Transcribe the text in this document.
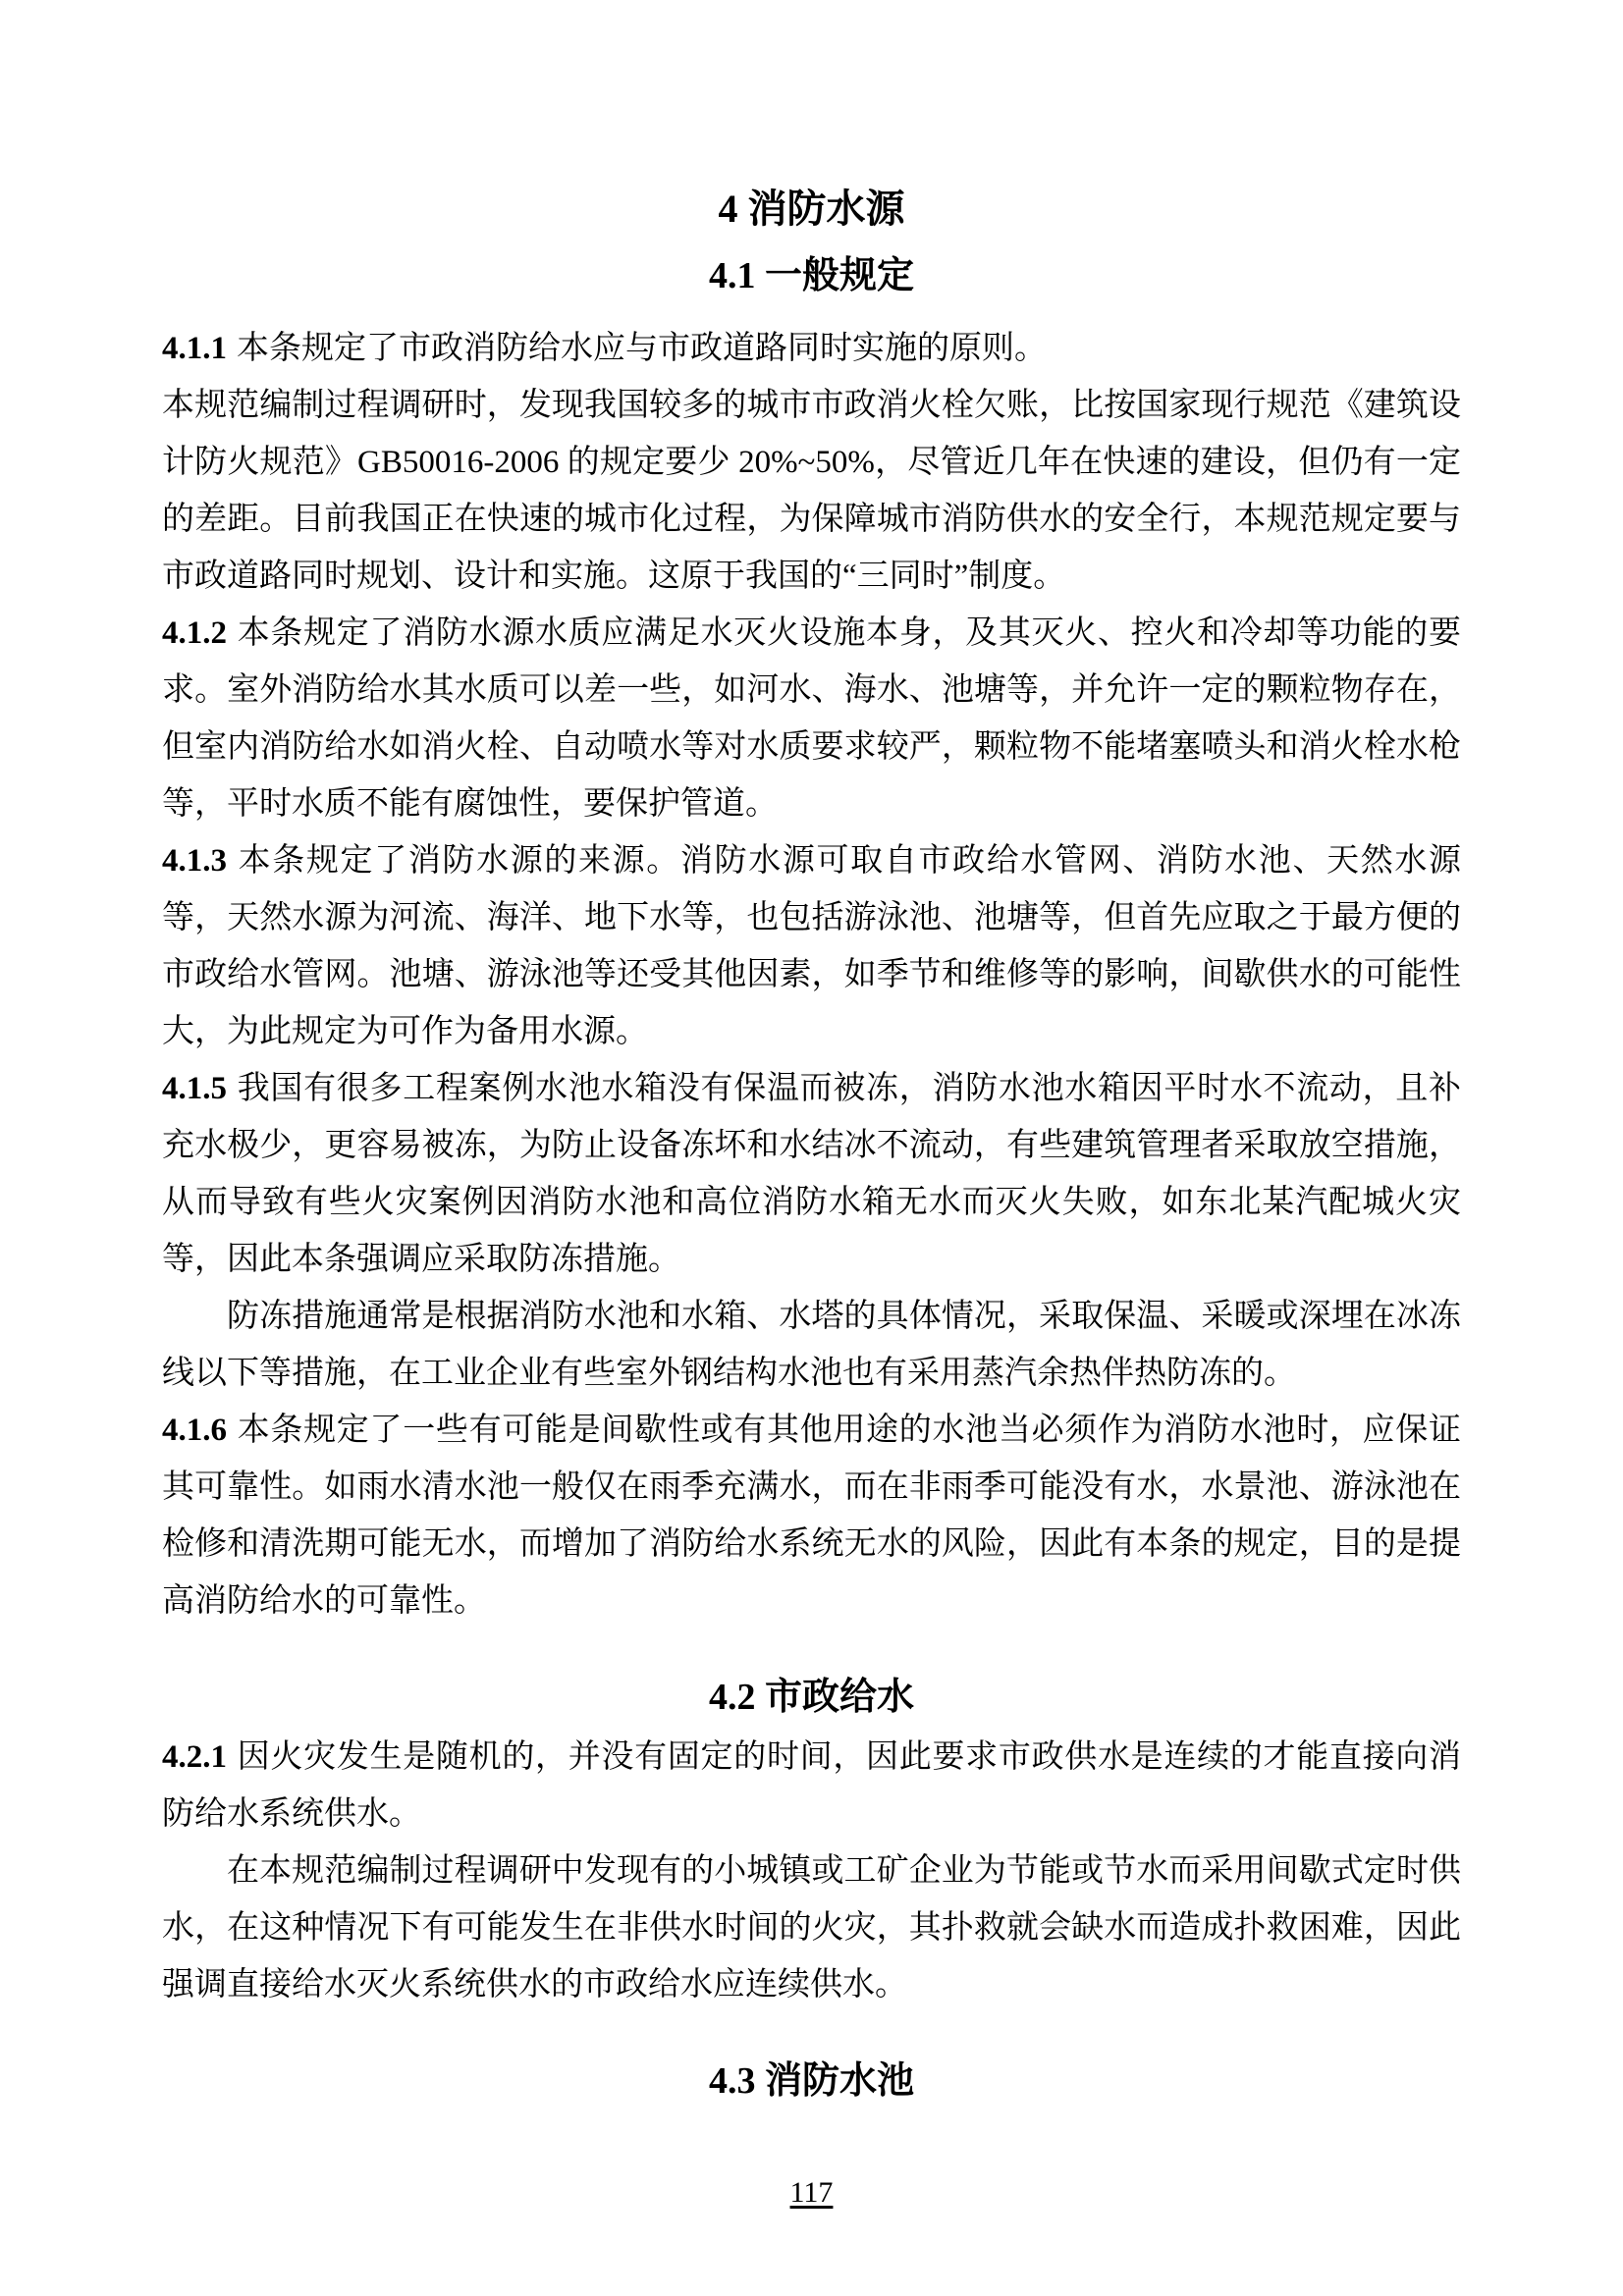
4 消防水源
4.1 一般规定

4.1.1 本条规定了市政消防给水应与市政道路同时实施的原则。

本规范编制过程调研时，发现我国较多的城市市政消火栓欠账，比按国家现行规范《建筑设计防火规范》GB50016-2006 的规定要少 20%~50%，尽管近几年在快速的建设，但仍有一定的差距。目前我国正在快速的城市化过程，为保障城市消防供水的安全行，本规范规定要与市政道路同时规划、设计和实施。这原于我国的“三同时”制度。

4.1.2 本条规定了消防水源水质应满足水灭火设施本身，及其灭火、控火和冷却等功能的要求。室外消防给水其水质可以差一些，如河水、海水、池塘等，并允许一定的颗粒物存在，但室内消防给水如消火栓、自动喷水等对水质要求较严，颗粒物不能堵塞喷头和消火栓水枪等，平时水质不能有腐蚀性，要保护管道。

4.1.3 本条规定了消防水源的来源。消防水源可取自市政给水管网、消防水池、天然水源等，天然水源为河流、海洋、地下水等，也包括游泳池、池塘等，但首先应取之于最方便的市政给水管网。池塘、游泳池等还受其他因素，如季节和维修等的影响，间歇供水的可能性大，为此规定为可作为备用水源。

4.1.5 我国有很多工程案例水池水箱没有保温而被冻，消防水池水箱因平时水不流动，且补充水极少，更容易被冻，为防止设备冻坏和水结冰不流动，有些建筑管理者采取放空措施，从而导致有些火灾案例因消防水池和高位消防水箱无水而灭火失败，如东北某汽配城火灾等，因此本条强调应采取防冻措施。

防冻措施通常是根据消防水池和水箱、水塔的具体情况，采取保温、采暖或深埋在冰冻线以下等措施，在工业企业有些室外钢结构水池也有采用蒸汽余热伴热防冻的。

4.1.6 本条规定了一些有可能是间歇性或有其他用途的水池当必须作为消防水池时，应保证其可靠性。如雨水清水池一般仅在雨季充满水，而在非雨季可能没有水，水景池、游泳池在检修和清洗期可能无水，而增加了消防给水系统无水的风险，因此有本条的规定，目的是提高消防给水的可靠性。

4.2 市政给水

4.2.1 因火灾发生是随机的，并没有固定的时间，因此要求市政供水是连续的才能直接向消防给水系统供水。

在本规范编制过程调研中发现有的小城镇或工矿企业为节能或节水而采用间歇式定时供水，在这种情况下有可能发生在非供水时间的火灾，其扑救就会缺水而造成扑救困难，因此强调直接给水灭火系统供水的市政给水应连续供水。

4.3 消防水池
117
